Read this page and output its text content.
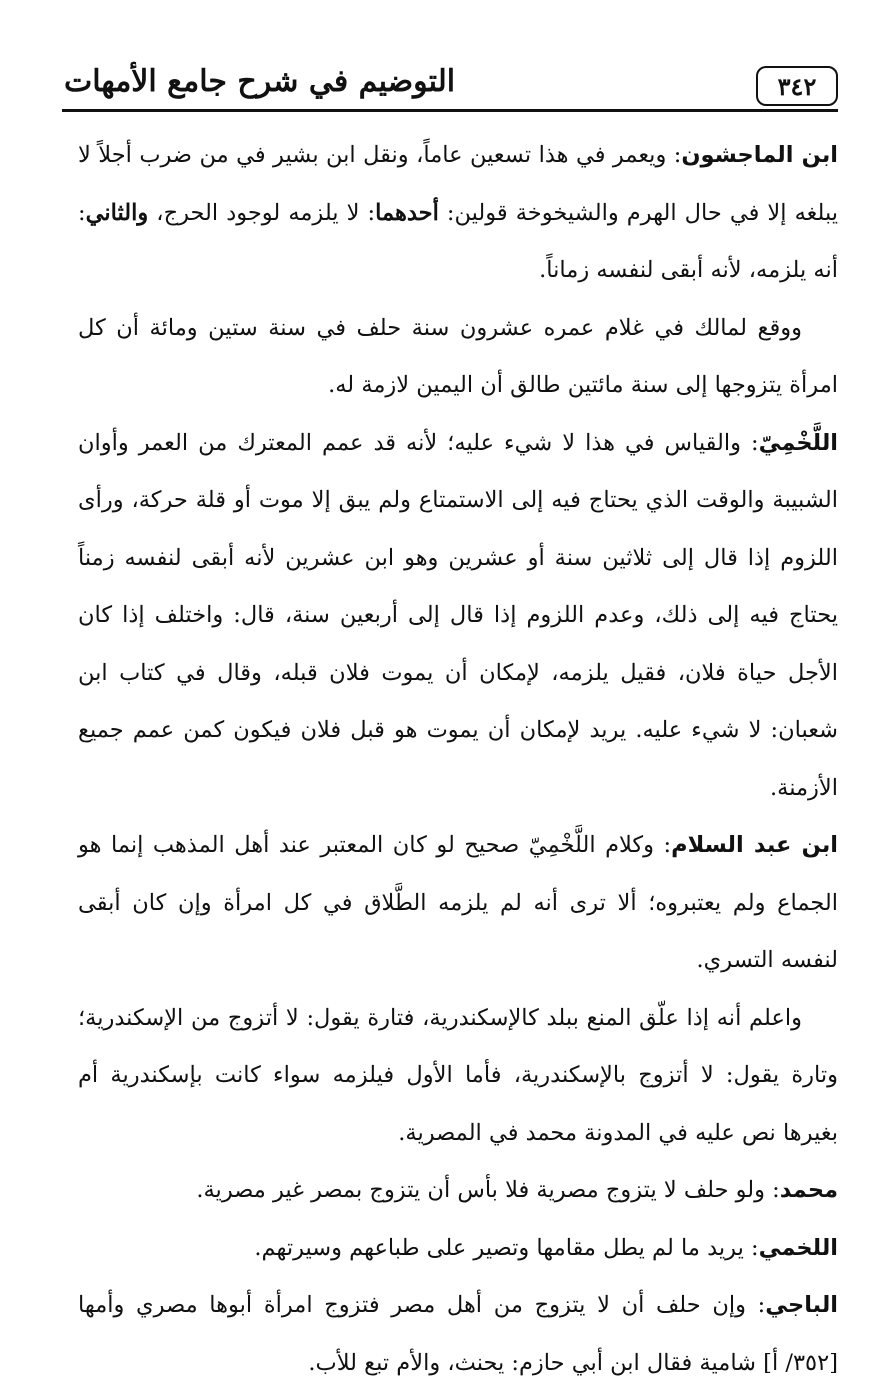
٣٤٢
التوضيم في شرح جامع الأمهات

ابن الماجشون: ويعمر في هذا تسعين عاماً، ونقل ابن بشير في من ضرب أجلاً لا يبلغه إلا في حال الهرم والشيخوخة قولين: أحدهما: لا يلزمه لوجود الحرج، والثاني: أنه يلزمه، لأنه أبقى لنفسه زماناً.

ووقع لمالك في غلام عمره عشرون سنة حلف في سنة ستين ومائة أن كل امرأة يتزوجها إلى سنة مائتين طالق أن اليمين لازمة له.

اللَّخْمِيّ: والقياس في هذا لا شيء عليه؛ لأنه قد عمم المعترك من العمر وأوان الشبيبة والوقت الذي يحتاج فيه إلى الاستمتاع ولم يبق إلا موت أو قلة حركة، ورأى اللزوم إذا قال إلى ثلاثين سنة أو عشرين وهو ابن عشرين لأنه أبقى لنفسه زمناً يحتاج فيه إلى ذلك، وعدم اللزوم إذا قال إلى أربعين سنة، قال: واختلف إذا كان الأجل حياة فلان، فقيل يلزمه، لإمكان أن يموت فلان قبله، وقال في كتاب ابن شعبان: لا شيء عليه. يريد لإمكان أن يموت هو قبل فلان فيكون كمن عمم جميع الأزمنة.

ابن عبد السلام: وكلام اللَّخْمِيّ صحيح لو كان المعتبر عند أهل المذهب إنما هو الجماع ولم يعتبروه؛ ألا ترى أنه لم يلزمه الطَّلاق في كل امرأة وإن كان أبقى لنفسه التسري.

واعلم أنه إذا علّق المنع ببلد كالإسكندرية، فتارة يقول: لا أتزوج من الإسكندرية؛ وتارة يقول: لا أتزوج بالإسكندرية، فأما الأول فيلزمه سواء كانت بإسكندرية أم بغيرها نص عليه في المدونة محمد في المصرية.

محمد: ولو حلف لا يتزوج مصرية فلا بأس أن يتزوج بمصر غير مصرية.

اللخمي: يريد ما لم يطل مقامها وتصير على طباعهم وسيرتهم.

الباجي: وإن حلف أن لا يتزوج من أهل مصر فتزوج امرأة أبوها مصري وأمها [٣٥٢/ أ] شامية فقال ابن أبي حازم: يحنث، والأم تبع للأب.
